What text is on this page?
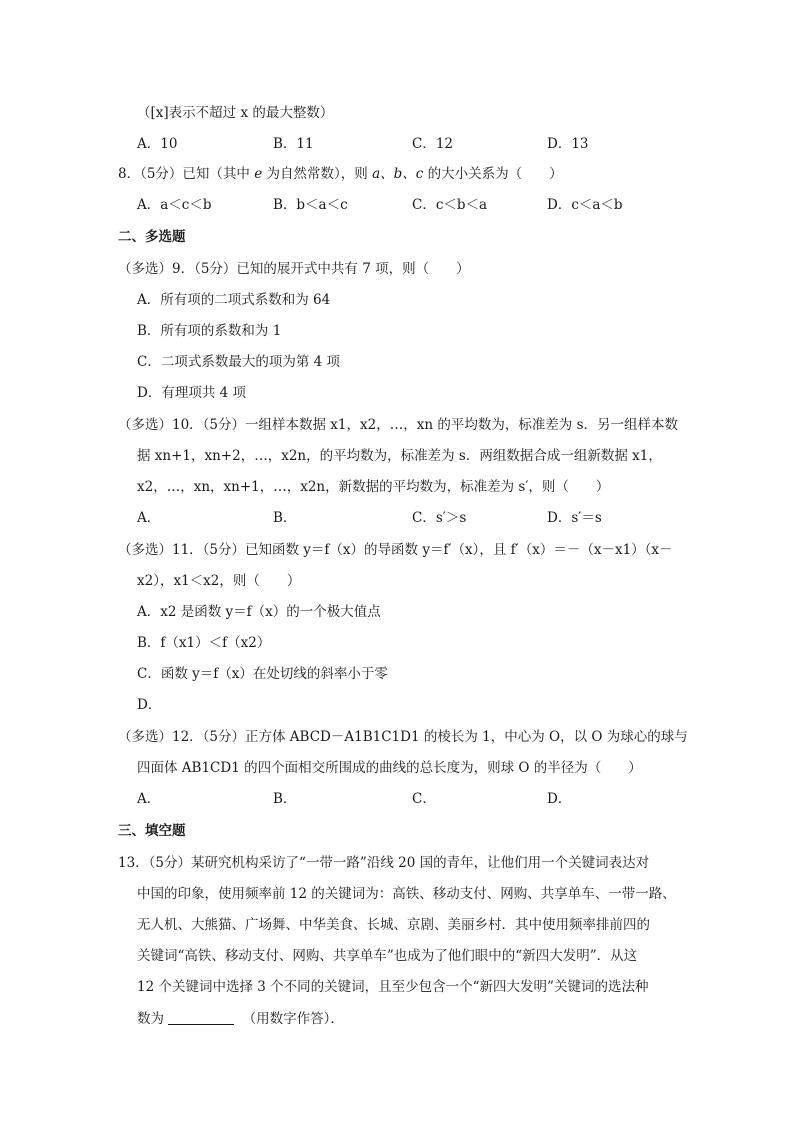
（[x]表示不超过 x 的最大整数）
A．10	B．11	C．12	D．13
8．（5分）已知（其中 e 为自然常数），则 a、b、c 的大小关系为（　　）
A．a＜c＜b	B．b＜a＜c	C．c＜b＜a	D．c＜a＜b
二、多选题
（多选）9．（5分）已知的展开式中共有 7 项，则（　　）
A．所有项的二项式系数和为 64
B．所有项的系数和为 1
C．二项式系数最大的项为第 4 项
D．有理项共 4 项
（多选）10．（5分）一组样本数据 x1，x2，…，xn 的平均数为，标准差为 s．另一组样本数
据 xn+1，xn+2，…，x2n，的平均数为，标准差为 s．两组数据合成一组新数据 x1，
x2，…，xn，xn+1，…，x2n，新数据的平均数为，标准差为 s′，则（　　）
A．	B．	C．s′＞s	D．s′＝s
（多选）11．（5分）已知函数 y＝f（x）的导函数 y＝f′（x），且 f′（x）＝－（x－x1）（x－
x2），x1＜x2，则（　　）
A．x2 是函数 y＝f（x）的一个极大值点
B．f（x1）＜f（x2）
C．函数 y＝f（x）在处切线的斜率小于零
D．
（多选）12．（5分）正方体 ABCD－A1B1C1D1 的棱长为 1，中心为 O，以 O 为球心的球与
四面体 AB1CD1 的四个面相交所围成的曲线的总长度为，则球 O 的半径为（　　）
A．	B．	C．	D．
三、填空题
13．（5分）某研究机构采访了“一带一路”沿线 20 国的青年，让他们用一个关键词表达对
中国的印象，使用频率前 12 的关键词为：高铁、移动支付、网购、共享单车、一带一路、
无人机、大熊猫、广场舞、中华美食、长城、京剧、美丽乡村．其中使用频率排前四的
关键词“高铁、移动支付、网购、共享单车”也成为了他们眼中的“新四大发明”．从这
12 个关键词中选择 3 个不同的关键词，且至少包含一个“新四大发明”关键词的选法种
数为	（用数字作答）．
